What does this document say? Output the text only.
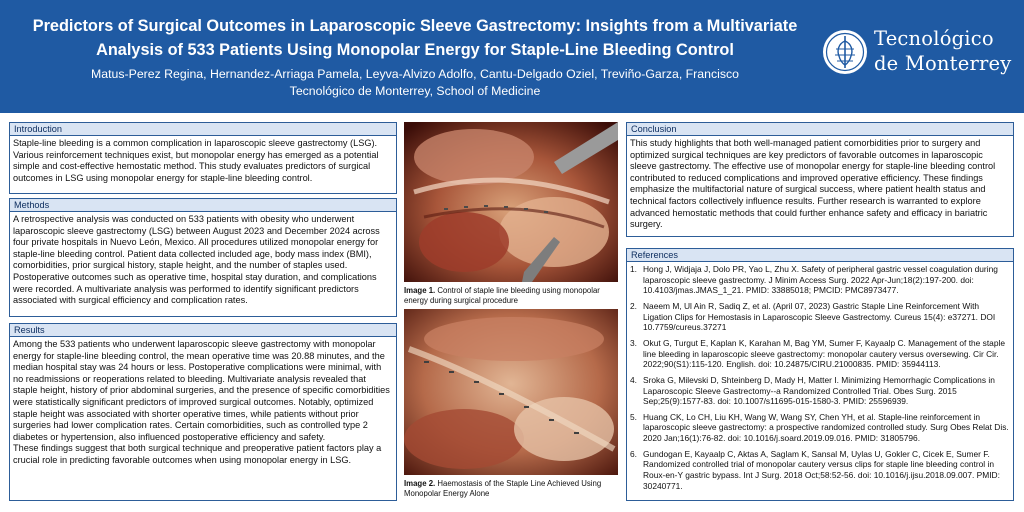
Predictors of Surgical Outcomes in Laparoscopic Sleeve Gastrectomy: Insights from a Multivariate
Analysis of 533 Patients Using Monopolar Energy for Staple-Line Bleeding Control
Matus-Perez Regina, Hernandez-Arriaga Pamela, Leyva-Alvizo Adolfo, Cantu-Delgado Oziel, Treviño-Garza, Francisco
Tecnológico de Monterrey, School of Medicine
Tecnológico
de Monterrey
Introduction

Staple-line bleeding is a common complication in laparoscopic sleeve gastrectomy (LSG). Various reinforcement techniques exist, but monopolar energy has emerged as a potential simple and cost-effective hemostatic method. This study evaluates predictors of surgical outcomes in LSG using monopolar energy for staple-line bleeding control.

Methods

A retrospective analysis was conducted on 533 patients with obesity who underwent laparoscopic sleeve gastrectomy (LSG) between August 2023 and December 2024 across four private hospitals in Nuevo León, Mexico. All procedures utilized monopolar energy for staple-line bleeding control. Patient data collected included age, body mass index (BMI), comorbidities, prior surgical history, staple height, and the number of staples used. Postoperative outcomes such as operative time, hospital stay duration, and complications were recorded. A multivariate analysis was performed to identify significant predictors associated with surgical efficiency and complication rates.

Results

Among the 533 patients who underwent laparoscopic sleeve gastrectomy with monopolar energy for staple-line bleeding control, the mean operative time was 20.88 minutes, and the median hospital stay was 24 hours or less. Postoperative complications were minimal, with no readmissions or reoperations related to bleeding. Multivariate analysis revealed that staple height, history of prior abdominal surgeries, and the presence of specific comorbidities were statistically significant predictors of improved surgical outcomes. Notably, optimized staple height was associated with shorter operative times, while patients without prior surgeries had lower complication rates. Certain comorbidities, such as controlled type 2 diabetes or hypertension, also influenced postoperative efficiency and safety.

These findings suggest that both surgical technique and preoperative patient factors play a crucial role in predicting favorable outcomes when using monopolar energy in LSG.

Image 1. Control of staple line bleeding using monopolar energy during surgical procedure
Image 2. Haemostasis of the Staple Line Achieved Using Monopolar Energy Alone
Conclusion

This study highlights that both well-managed patient comorbidities prior to surgery and optimized surgical techniques are key predictors of favorable outcomes in laparoscopic sleeve gastrectomy. The effective use of monopolar energy for staple-line bleeding control contributed to reduced complications and improved operative efficiency. These findings emphasize the multifactorial nature of surgical success, where patient health status and technical factors collectively influence results. Further research is warranted to explore advanced hemostatic methods that could further enhance safety and efficacy in bariatric surgery.

References
1. Hong J, Widjaja J, Dolo PR, Yao L, Zhu X. Safety of peripheral gastric vessel coagulation during laparoscopic sleeve gastrectomy. J Minim Access Surg. 2022 Apr-Jun;18(2):197-200. doi: 10.4103/jmas.JMAS_1_21. PMID: 33885018; PMCID: PMC8973477.
2. Naeem M, Ul Ain R, Sadiq Z, et al. (April 07, 2023) Gastric Staple Line Reinforcement With Ligation Clips for Hemostasis in Laparoscopic Sleeve Gastrectomy. Cureus 15(4): e37271. DOI 10.7759/cureus.37271
3. Okut G, Turgut E, Kaplan K, Karahan M, Bag YM, Sumer F, Kayaalp C. Management of the staple line bleeding in laparoscopic sleeve gastrectomy: monopolar cautery versus oversewing. Cir Cir. 2022;90(S1):115-120. English. doi: 10.24875/CIRU.21000835. PMID: 35944113.
4. Sroka G, Milevski D, Shteinberg D, Mady H, Matter I. Minimizing Hemorrhagic Complications in Laparoscopic Sleeve Gastrectomy--a Randomized Controlled Trial. Obes Surg. 2015 Sep;25(9):1577-83. doi: 10.1007/s11695-015-1580-3. PMID: 25596939.
5. Huang CK, Lo CH, Liu KH, Wang W, Wang SY, Chen YH, et al. Staple-line reinforcement in laparoscopic sleeve gastrectomy: a prospective randomized controlled study. Surg Obes Relat Dis. 2020 Jan;16(1):76-82. doi: 10.1016/j.soard.2019.09.016. PMID: 31805796.
6. Gundogan E, Kayaalp C, Aktas A, Saglam K, Sansal M, Uylas U, Gokler C, Cicek E, Sumer F. Randomized controlled trial of monopolar cautery versus clips for staple line bleeding control in Roux-en-Y gastric bypass. Int J Surg. 2018 Oct;58:52-56. doi: 10.1016/j.ijsu.2018.09.007. PMID: 30240771.
